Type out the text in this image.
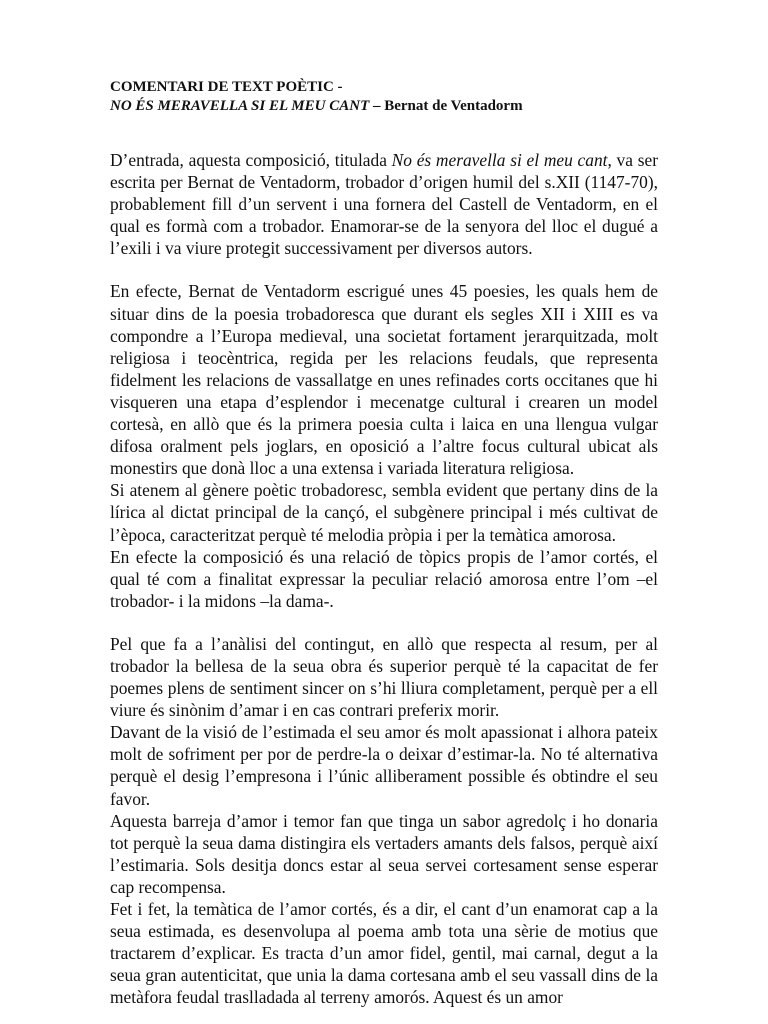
COMENTARI DE TEXT POÈTIC -
NO ÉS MERAVELLA SI EL MEU CANT – Bernat de Ventadorm

D’entrada, aquesta composició, titulada No és meravella si el meu cant, va ser escrita per Bernat de Ventadorm, trobador d’origen humil del s.XII (1147-70), probablement fill d’un servent i una fornera del Castell de Ventadorm, en el qual es formà com a trobador. Enamorar-se de la senyora del lloc el dugué a l’exili i va viure protegit successivament per diversos autors.

En efecte, Bernat de Ventadorm escrigué unes 45 poesies, les quals hem de situar dins de la poesia trobadoresca que durant els segles XII i XIII es va compondre a l’Europa medieval, una societat fortament jerarquitzada, molt religiosa i teocèntrica, regida per les relacions feudals, que representa fidelment les relacions de vassallatge en unes refinades corts occitanes que hi visqueren una etapa d’esplendor i mecenatge cultural i crearen un model cortesà, en allò que és la primera poesia culta i laica en una llengua vulgar difosa oralment pels joglars, en oposició a l’altre focus cultural ubicat als monestirs que donà lloc a una extensa i variada literatura religiosa.

Si atenem al gènere poètic trobadoresc, sembla evident que pertany dins de la lírica al dictat principal de la cançó, el subgènere principal i més cultivat de l’època, caracteritzat perquè té melodia pròpia i per la temàtica amorosa.

En efecte la composició és una relació de tòpics propis de l’amor cortés, el qual té com a finalitat expressar la peculiar relació amorosa entre l’om –el trobador- i la midons –la dama-.

Pel que fa a l’anàlisi del contingut, en allò que respecta al resum, per al trobador la bellesa de la seua obra és superior perquè té la capacitat de fer poemes plens de sentiment sincer on s’hi lliura completament, perquè per a ell viure és sinònim d’amar i en cas contrari preferix morir.

Davant de la visió de l’estimada el seu amor és molt apassionat i alhora pateix molt de sofriment per por de perdre-la o deixar d’estimar-la. No té alternativa perquè el desig l’empresona i l’únic alliberament possible és obtindre el seu favor.

Aquesta barreja d’amor i temor fan que tinga un sabor agredolç i ho donaria tot perquè la seua dama distingira els vertaders amants dels falsos, perquè així l’estimaria. Sols desitja doncs estar al seua servei cortesament sense esperar cap recompensa.

Fet i fet, la temàtica de l’amor cortés, és a dir, el cant d’un enamorat cap a la seua estimada, es desenvolupa al poema amb tota una sèrie de motius que tractarem d’explicar. Es tracta d’un amor fidel, gentil, mai carnal, degut a la seua gran autenticitat, que unia la dama cortesana amb el seu vassall dins de la metàfora feudal traslladada al terreny amorós. Aquest és un amor
